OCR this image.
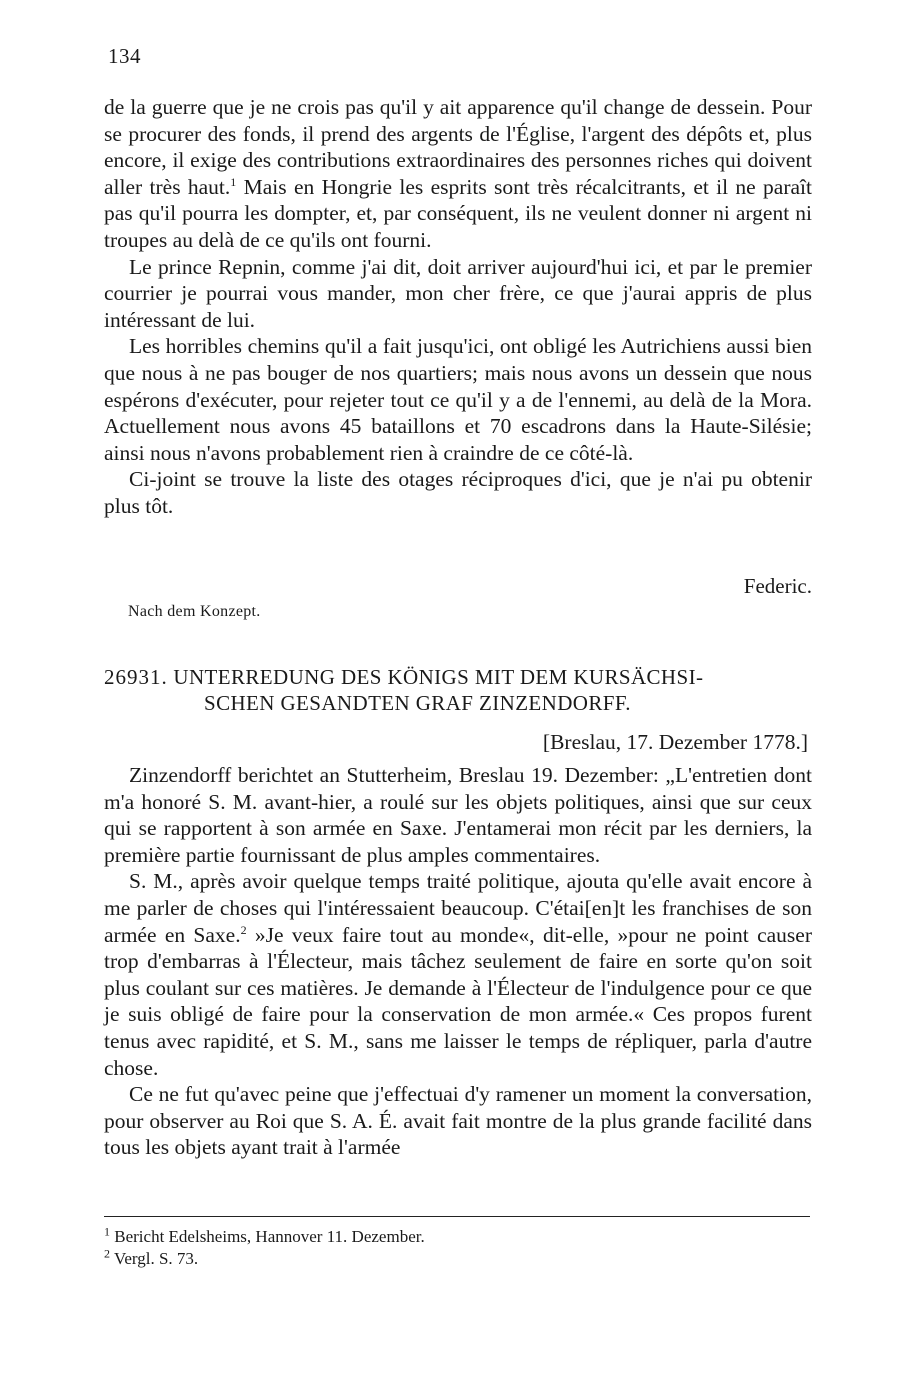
134

de la guerre que je ne crois pas qu'il y ait apparence qu'il change de dessein. Pour se procurer des fonds, il prend des argents de l'Église, l'argent des dépôts et, plus encore, il exige des contributions extraordinaires des personnes riches qui doivent aller très haut.$^1$ Mais en Hongrie les esprits sont très récalcitrants, et il ne paraît pas qu'il pourra les dompter, et, par conséquent, ils ne veulent donner ni argent ni troupes au delà de ce qu'ils ont fourni.

Le prince Repnin, comme j'ai dit, doit arriver aujourd'hui ici, et par le premier courrier je pourrai vous mander, mon cher frère, ce que j'aurai appris de plus intéressant de lui.

Les horribles chemins qu'il a fait jusqu'ici, ont obligé les Autrichiens aussi bien que nous à ne pas bouger de nos quartiers; mais nous avons un dessein que nous espérons d'exécuter, pour rejeter tout ce qu'il y a de l'ennemi, au delà de la Mora. Actuellement nous avons 45 bataillons et 70 escadrons dans la Haute-Silésie; ainsi nous n'avons probablement rien à craindre de ce côté-là.

Ci-joint se trouve la liste des otages réciproques d'ici, que je n'ai pu obtenir plus tôt.

Federic.
Nach dem Konzept.
26931. UNTERREDUNG DES KÖNIGS MIT DEM KURSÄCHSI-
SCHEN GESANDTEN GRAF ZINZENDORFF.
[Breslau, 17. Dezember 1778.]

Zinzendorff berichtet an Stutterheim, Breslau 19. Dezember: „L'entretien dont m'a honoré S. M. avant-hier, a roulé sur les objets politiques, ainsi que sur ceux qui se rapportent à son armée en Saxe. J'entamerai mon récit par les derniers, la première partie fournissant de plus amples commentaires.

S. M., après avoir quelque temps traité politique, ajouta qu'elle avait encore à me parler de choses qui l'intéressaient beaucoup. C'étai[en]t les franchises de son armée en Saxe.$^2$ »Je veux faire tout au monde«, dit-elle, »pour ne point causer trop d'embarras à l'Électeur, mais tâchez seulement de faire en sorte qu'on soit plus coulant sur ces matières. Je demande à l'Électeur de l'indulgence pour ce que je suis obligé de faire pour la conservation de mon armée.« Ces propos furent tenus avec rapidité, et S. M., sans me laisser le temps de répliquer, parla d'autre chose.

Ce ne fut qu'avec peine que j'effectuai d'y ramener un moment la conversation, pour observer au Roi que S. A. É. avait fait montre de la plus grande facilité dans tous les objets ayant trait à l'armée

$^1$ Bericht Edelsheims, Hannover 11. Dezember.
$^2$ Vergl. S. 73.
